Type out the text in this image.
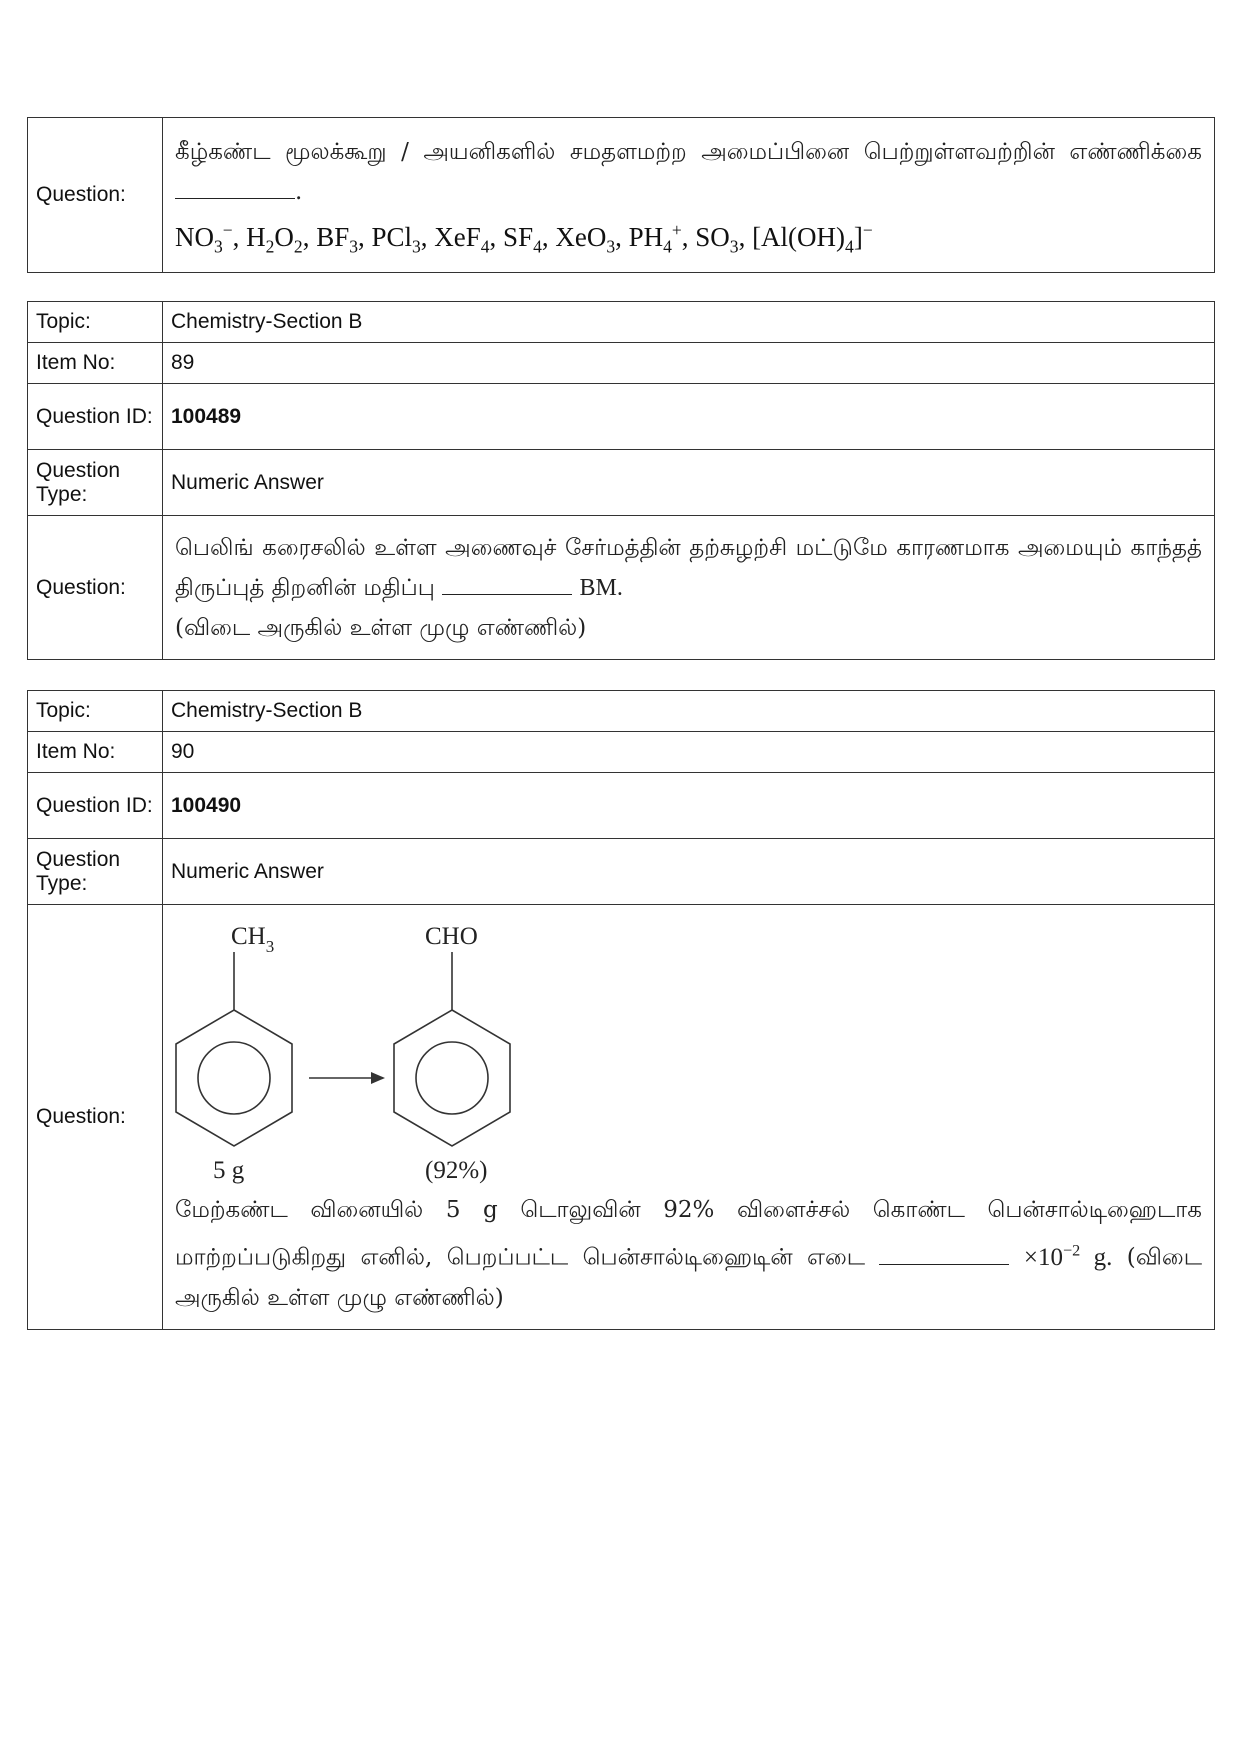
Question:	
கீழ்கண்ட மூலக்கூறு / அயனிகளில் சமதளமற்ற அமைப்பினை பெற்றுள்ளவற்றின் எண்ணிக்கை .
$NO_3^-$, $H_2O_2$, $BF_3$, PCl$_3$, XeF$_4$, $SF_4$, XeO$_3$, $PH_4^+$, $SO_3$, $[Al(OH)_4]^-$
Topic:	Chemistry-Section B
Item No:	89
Question ID:	100489
Question Type:	Numeric Answer
Question:	பெலிங் கரைசலில் உள்ள அணைவுச் சேர்மத்தின் தற்சுழற்சி மட்டுமே காரணமாக அமையும் காந்தத் திருப்புத் திறனின் மதிப்பு BM.
(விடை அருகில் உள்ள முழு எண்ணில்)
Topic:	Chemistry-Section B
Item No:	90
Question ID:	100490
Question Type:	Numeric Answer
Question:	$CH_3$ CHO
5 g (92%)
மேற்கண்ட வினையில் 5 g டொலுவின் 92% விளைச்சல் கொண்ட பென்சால்டிஹைடாக மாற்றப்படுகிறது எனில், பெறப்பட்ட பென்சால்டிஹைடின் எடை $\times 10^{-2}$ g. (விடை அருகில் உள்ள முழு எண்ணில்)
